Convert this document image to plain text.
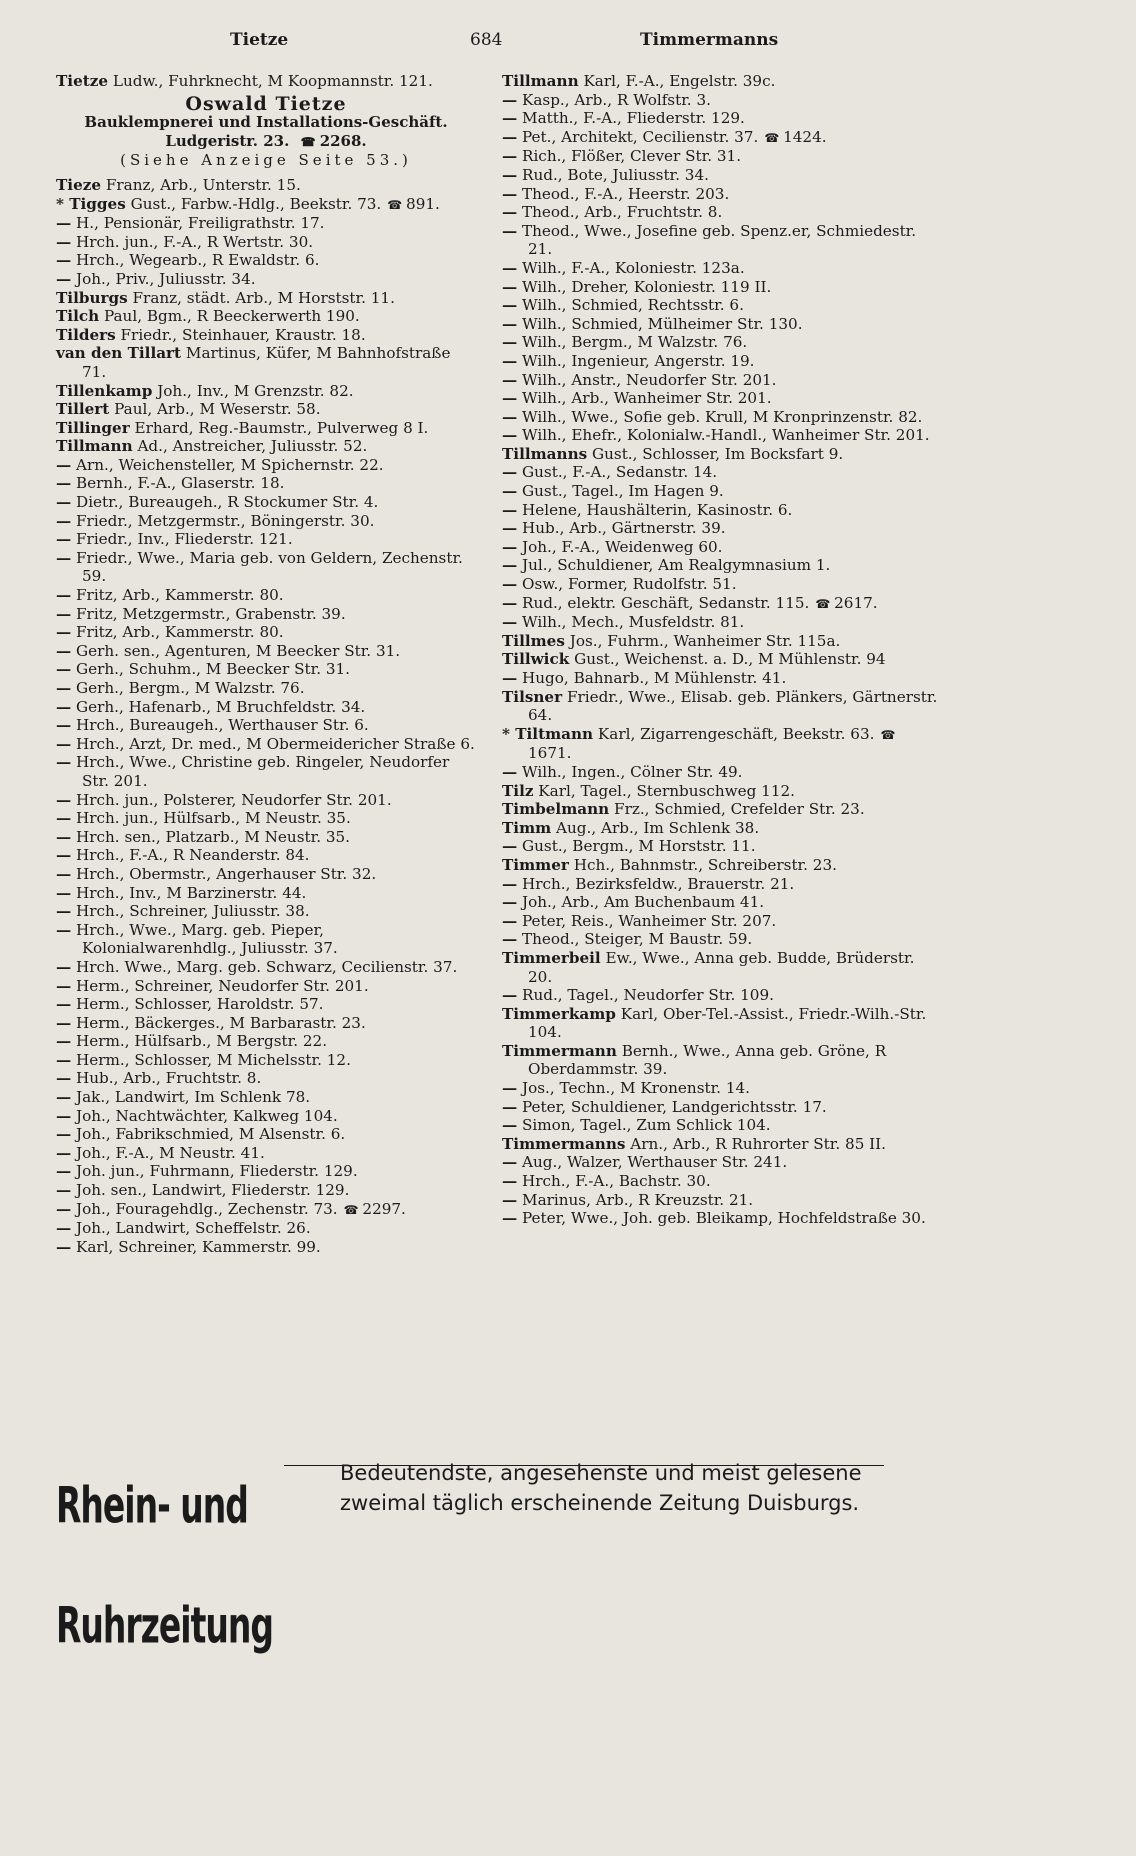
Tietze	684	Timmermanns
Tietze Ludw., Fuhrknecht, M Koopmannstr. 121.
Oswald Tietze
Bauklempnerei und Installations-Geschäft.
Ludgeristr. 23. ☎ 2268.
(Siehe Anzeige Seite 53.)
Tieze Franz, Arb., Unterstr. 15.
* Tigges Gust., Farbw.-Hdlg., Beekstr. 73. ☎ 891.
— H., Pensionär, Freiligrathstr. 17.
— Hrch. jun., F.-A., R Wertstr. 30.
— Hrch., Wegearb., R Ewaldstr. 6.
— Joh., Priv., Juliusstr. 34.
Tilburgs Franz, städt. Arb., M Horststr. 11.
Tilch Paul, Bgm., R Beeckerwerth 190.
Tilders Friedr., Steinhauer, Kraustr. 18.
van den Tillart Martinus, Küfer, M Bahnhofstraße 71.
Tillenkamp Joh., Inv., M Grenzstr. 82.
Tillert Paul, Arb., M Weserstr. 58.
Tillinger Erhard, Reg.-Baumstr., Pulverweg 8 I.
Tillmann Ad., Anstreicher, Juliusstr. 52.
— Arn., Weichensteller, M Spichernstr. 22.
— Bernh., F.-A., Glaserstr. 18.
— Dietr., Bureaugeh., R Stockumer Str. 4.
— Friedr., Metzgermstr., Böningerstr. 30.
— Friedr., Inv., Fliederstr. 121.
— Friedr., Wwe., Maria geb. von Geldern, Zechenstr. 59.
— Fritz, Arb., Kammerstr. 80.
— Fritz, Metzgermstr., Grabenstr. 39.
— Fritz, Arb., Kammerstr. 80.
— Gerh. sen., Agenturen, M Beecker Str. 31.
— Gerh., Schuhm., M Beecker Str. 31.
— Gerh., Bergm., M Walzstr. 76.
— Gerh., Hafenarb., M Bruchfeldstr. 34.
— Hrch., Bureaugeh., Werthauser Str. 6.
— Hrch., Arzt, Dr. med., M Obermeidericher Straße 6.
— Hrch., Wwe., Christine geb. Ringeler, Neudorfer Str. 201.
— Hrch. jun., Polsterer, Neudorfer Str. 201.
— Hrch. jun., Hülfsarb., M Neustr. 35.
— Hrch. sen., Platzarb., M Neustr. 35.
— Hrch., F.-A., R Neanderstr. 84.
— Hrch., Obermstr., Angerhauser Str. 32.
— Hrch., Inv., M Barzinerstr. 44.
— Hrch., Schreiner, Juliusstr. 38.
— Hrch., Wwe., Marg. geb. Pieper, Kolonialwarenhdlg., Juliusstr. 37.
— Hrch. Wwe., Marg. geb. Schwarz, Cecilienstr. 37.
— Herm., Schreiner, Neudorfer Str. 201.
— Herm., Schlosser, Haroldstr. 57.
— Herm., Bäckerges., M Barbarastr. 23.
— Herm., Hülfsarb., M Bergstr. 22.
— Herm., Schlosser, M Michelsstr. 12.
— Hub., Arb., Fruchtstr. 8.
— Jak., Landwirt, Im Schlenk 78.
— Joh., Nachtwächter, Kalkweg 104.
— Joh., Fabrikschmied, M Alsenstr. 6.
— Joh., F.-A., M Neustr. 41.
— Joh. jun., Fuhrmann, Fliederstr. 129.
— Joh. sen., Landwirt, Fliederstr. 129.
— Joh., Fouragehdlg., Zechenstr. 73. ☎ 2297.
— Joh., Landwirt, Scheffelstr. 26.
— Karl, Schreiner, Kammerstr. 99.
Tillmann Karl, F.-A., Engelstr. 39c.
— Kasp., Arb., R Wolfstr. 3.
— Matth., F.-A., Fliederstr. 129.
— Pet., Architekt, Cecilienstr. 37. ☎ 1424.
— Rich., Flößer, Clever Str. 31.
— Rud., Bote, Juliusstr. 34.
— Theod., F.-A., Heerstr. 203.
— Theod., Arb., Fruchtstr. 8.
— Theod., Wwe., Josefine geb. Spenz.er, Schmiedestr. 21.
— Wilh., F.-A., Koloniestr. 123a.
— Wilh., Dreher, Koloniestr. 119 II.
— Wilh., Schmied, Rechtsstr. 6.
— Wilh., Schmied, Mülheimer Str. 130.
— Wilh., Bergm., M Walzstr. 76.
— Wilh., Ingenieur, Angerstr. 19.
— Wilh., Anstr., Neudorfer Str. 201.
— Wilh., Arb., Wanheimer Str. 201.
— Wilh., Wwe., Sofie geb. Krull, M Kronprinzenstr. 82.
— Wilh., Ehefr., Kolonialw.-Handl., Wanheimer Str. 201.
Tillmanns Gust., Schlosser, Im Bocksfart 9.
— Gust., F.-A., Sedanstr. 14.
— Gust., Tagel., Im Hagen 9.
— Helene, Haushälterin, Kasinostr. 6.
— Hub., Arb., Gärtnerstr. 39.
— Joh., F.-A., Weidenweg 60.
— Jul., Schuldiener, Am Realgymnasium 1.
— Osw., Former, Rudolfstr. 51.
— Rud., elektr. Geschäft, Sedanstr. 115. ☎ 2617.
— Wilh., Mech., Musfeldstr. 81.
Tillmes Jos., Fuhrm., Wanheimer Str. 115a.
Tillwick Gust., Weichenst. a. D., M Mühlenstr. 94
— Hugo, Bahnarb., M Mühlenstr. 41.
Tilsner Friedr., Wwe., Elisab. geb. Plänkers, Gärtnerstr. 64.
* Tiltmann Karl, Zigarrengeschäft, Beekstr. 63.☎ 1671.
— Wilh., Ingen., Cölner Str. 49.
Tilz Karl, Tagel., Sternbuschweg 112.
Timbelmann Frz., Schmied, Crefelder Str. 23.
Timm Aug., Arb., Im Schlenk 38.
— Gust., Bergm., M Horststr. 11.
Timmer Hch., Bahnmstr., Schreiberstr. 23.
— Hrch., Bezirksfeldw., Brauerstr. 21.
— Joh., Arb., Am Buchenbaum 41.
— Peter, Reis., Wanheimer Str. 207.
— Theod., Steiger, M Baustr. 59.
Timmerbeil Ew., Wwe., Anna geb. Budde, Brüderstr. 20.
— Rud., Tagel., Neudorfer Str. 109.
Timmerkamp Karl, Ober-Tel.-Assist., Friedr.-Wilh.-Str. 104.
Timmermann Bernh., Wwe., Anna geb. Gröne, R Oberdammstr. 39.
— Jos., Techn., M Kronenstr. 14.
— Peter, Schuldiener, Landgerichtsstr. 17.
— Simon, Tagel., Zum Schlick 104.
Timmermanns Arn., Arb., R Ruhrorter Str. 85 II.
— Aug., Walzer, Werthauser Str. 241.
— Hrch., F.-A., Bachstr. 30.
— Marinus, Arb., R Kreuzstr. 21.
— Peter, Wwe., Joh. geb. Bleikamp, Hochfeldstraße 30.
Rhein- und Ruhrzeitung
Bedeutendste, angesehenste und meist gelesene
zweimal täglich erscheinende Zeitung Duisburgs.
